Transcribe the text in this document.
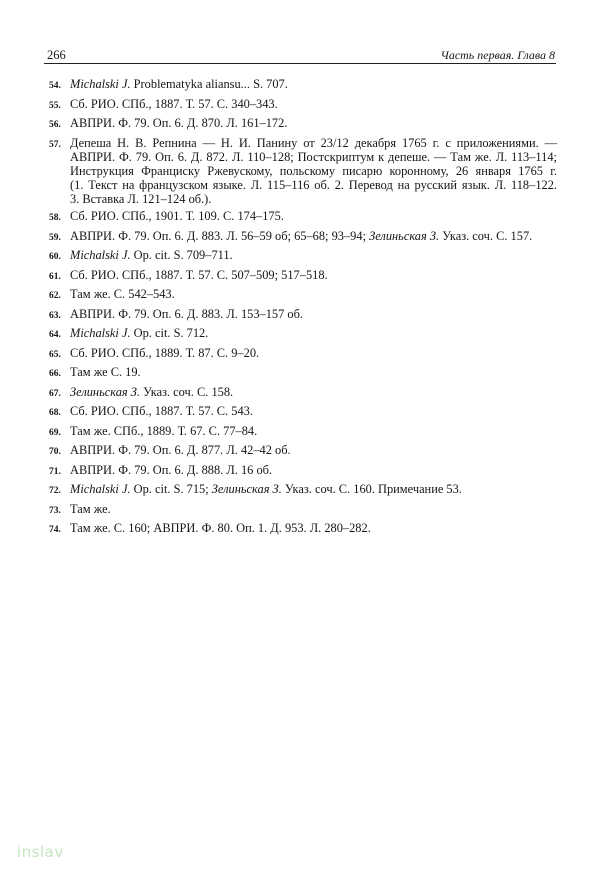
266	Часть первая. Глава 8
54. Michalski J. Problematyka aliansu... S. 707.
55. Сб. РИО. СПб., 1887. Т. 57. С. 340–343.
56. АВПРИ. Ф. 79. Оп. 6. Д. 870. Л. 161–172.
57. Депеша Н. В. Репнина — Н. И. Панину от 23/12 декабря 1765 г. с приложениями. —
АВПРИ. Ф. 79. Оп. 6. Д. 872. Л. 110–128; Постскриптум к депеше. — Там же. Л. 113–114;
Инструкция Франциску Ржевускому, польскому писарю коронному, 26 января 1765 г.
(1. Текст на французском языке. Л. 115–116 об. 2. Перевод на русский язык. Л. 118–122.
3. Вставка Л. 121–124 об.).
58. Сб. РИО. СПб., 1901. Т. 109. С. 174–175.
59. АВПРИ. Ф. 79. Оп. 6. Д. 883. Л. 56–59 об; 65–68; 93–94; Зелиньская З. Указ. соч. С. 157.
60. Michalski J. Op. cit. S. 709–711.
61. Сб. РИО. СПб., 1887. Т. 57. С. 507–509; 517–518.
62. Там же. С. 542–543.
63. АВПРИ. Ф. 79. Оп. 6. Д. 883. Л. 153–157 об.
64. Michalski J. Op. cit. S. 712.
65. Сб. РИО. СПб., 1889. Т. 87. С. 9–20.
66. Там же С. 19.
67. Зелиньская З. Указ. соч. С. 158.
68. Сб. РИО. СПб., 1887. Т. 57. С. 543.
69. Там же. СПб., 1889. Т. 67. С. 77–84.
70. АВПРИ. Ф. 79. Оп. 6. Д. 877. Л. 42–42 об.
71. АВПРИ. Ф. 79. Оп. 6. Д. 888. Л. 16 об.
72. Michalski J. Op. cit. S. 715; Зелиньская З. Указ. соч. С. 160. Примечание 53.
73. Там же.
74. Там же. С. 160; АВПРИ. Ф. 80. Оп. 1. Д. 953. Л. 280–282.
inslav
